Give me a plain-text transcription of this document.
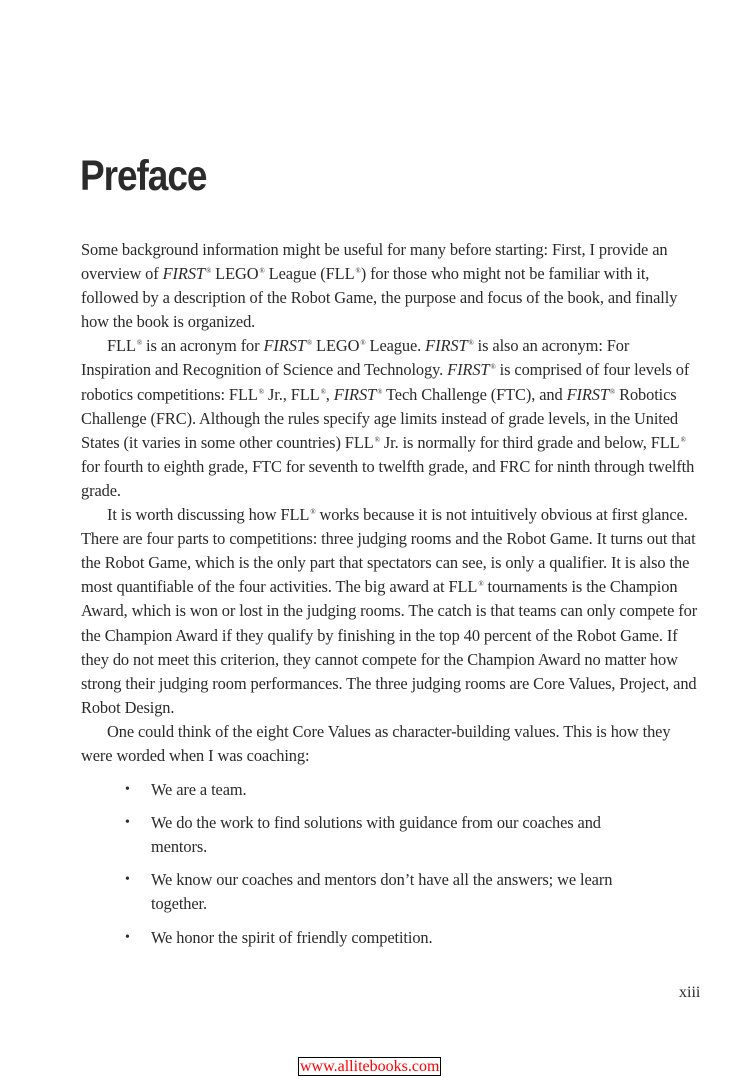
Preface

Some background information might be useful for many before starting: First, I provide an overview of FIRST® LEGO® League (FLL®) for those who might not be familiar with it, followed by a description of the Robot Game, the purpose and focus of the book, and finally how the book is organized.

FLL® is an acronym for FIRST® LEGO® League. FIRST® is also an acronym: For Inspiration and Recognition of Science and Technology. FIRST® is comprised of four levels of robotics competitions: FLL® Jr., FLL®, FIRST® Tech Challenge (FTC), and FIRST® Robotics Challenge (FRC). Although the rules specify age limits instead of grade levels, in the United States (it varies in some other countries) FLL® Jr. is normally for third grade and below, FLL® for fourth to eighth grade, FTC for seventh to twelfth grade, and FRC for ninth through twelfth grade.

It is worth discussing how FLL® works because it is not intuitively obvious at first glance. There are four parts to competitions: three judging rooms and the Robot Game. It turns out that the Robot Game, which is the only part that spectators can see, is only a qualifier. It is also the most quantifiable of the four activities. The big award at FLL® tournaments is the Champion Award, which is won or lost in the judging rooms. The catch is that teams can only compete for the Champion Award if they qualify by finishing in the top 40 percent of the Robot Game. If they do not meet this criterion, they cannot compete for the Champion Award no matter how strong their judging room performances. The three judging rooms are Core Values, Project, and Robot Design.

One could think of the eight Core Values as character-building values. This is how they were worded when I was coaching:

• We are a team.
• We do the work to find solutions with guidance from our coaches and mentors.
• We know our coaches and mentors don’t have all the answers; we learn together.
• We honor the spirit of friendly competition.
xiii
www.allitebooks.com
